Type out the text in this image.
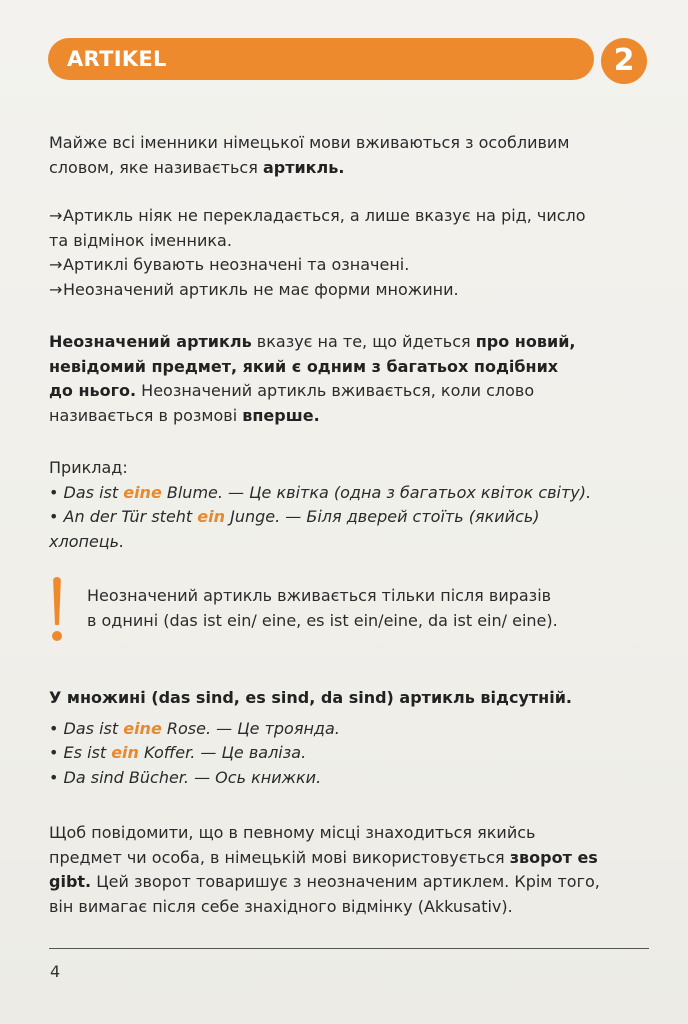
ARTIKEL	2
Майже всі іменники німецької мови вживаються з особливим
словом, яке називається артикль.
→Артикль ніяк не перекладається, а лише вказує на рід, число
та відмінок іменника.
→Артиклі бувають неозначені та означені.
→Неозначений артикль не має форми множини.
Неозначений артикль вказує на те, що йдеться про новий,
невідомий предмет, який є одним з багатьох подібних
до нього. Неозначений артикль вживається, коли слово
називається в розмові вперше.
Приклад:
• Das ist eine Blume. — Це квітка (одна з багатьох квіток світу).
• An der Tür steht ein Junge. — Біля дверей стоїть (якийсь)
хлопець.
Неозначений артикль вживається тільки після виразів
в однині (das ist ein/ eine, es ist ein/eine, da ist ein/ eine).
У множині (das sind, es sind, da sind) артикль відсутній.
• Das ist eine Rose. — Це троянда.
• Es ist ein Koffer. — Це валіза.
• Da sind Bücher. — Ось книжки.
Щоб повідомити, що в певному місці знаходиться якийсь
предмет чи особа, в німецькій мові використовується зворот es
gibt. Цей зворот товаришує з неозначеним артиклем. Крім того,
він вимагає після себе знахідного відмінку (Akkusativ).
4
